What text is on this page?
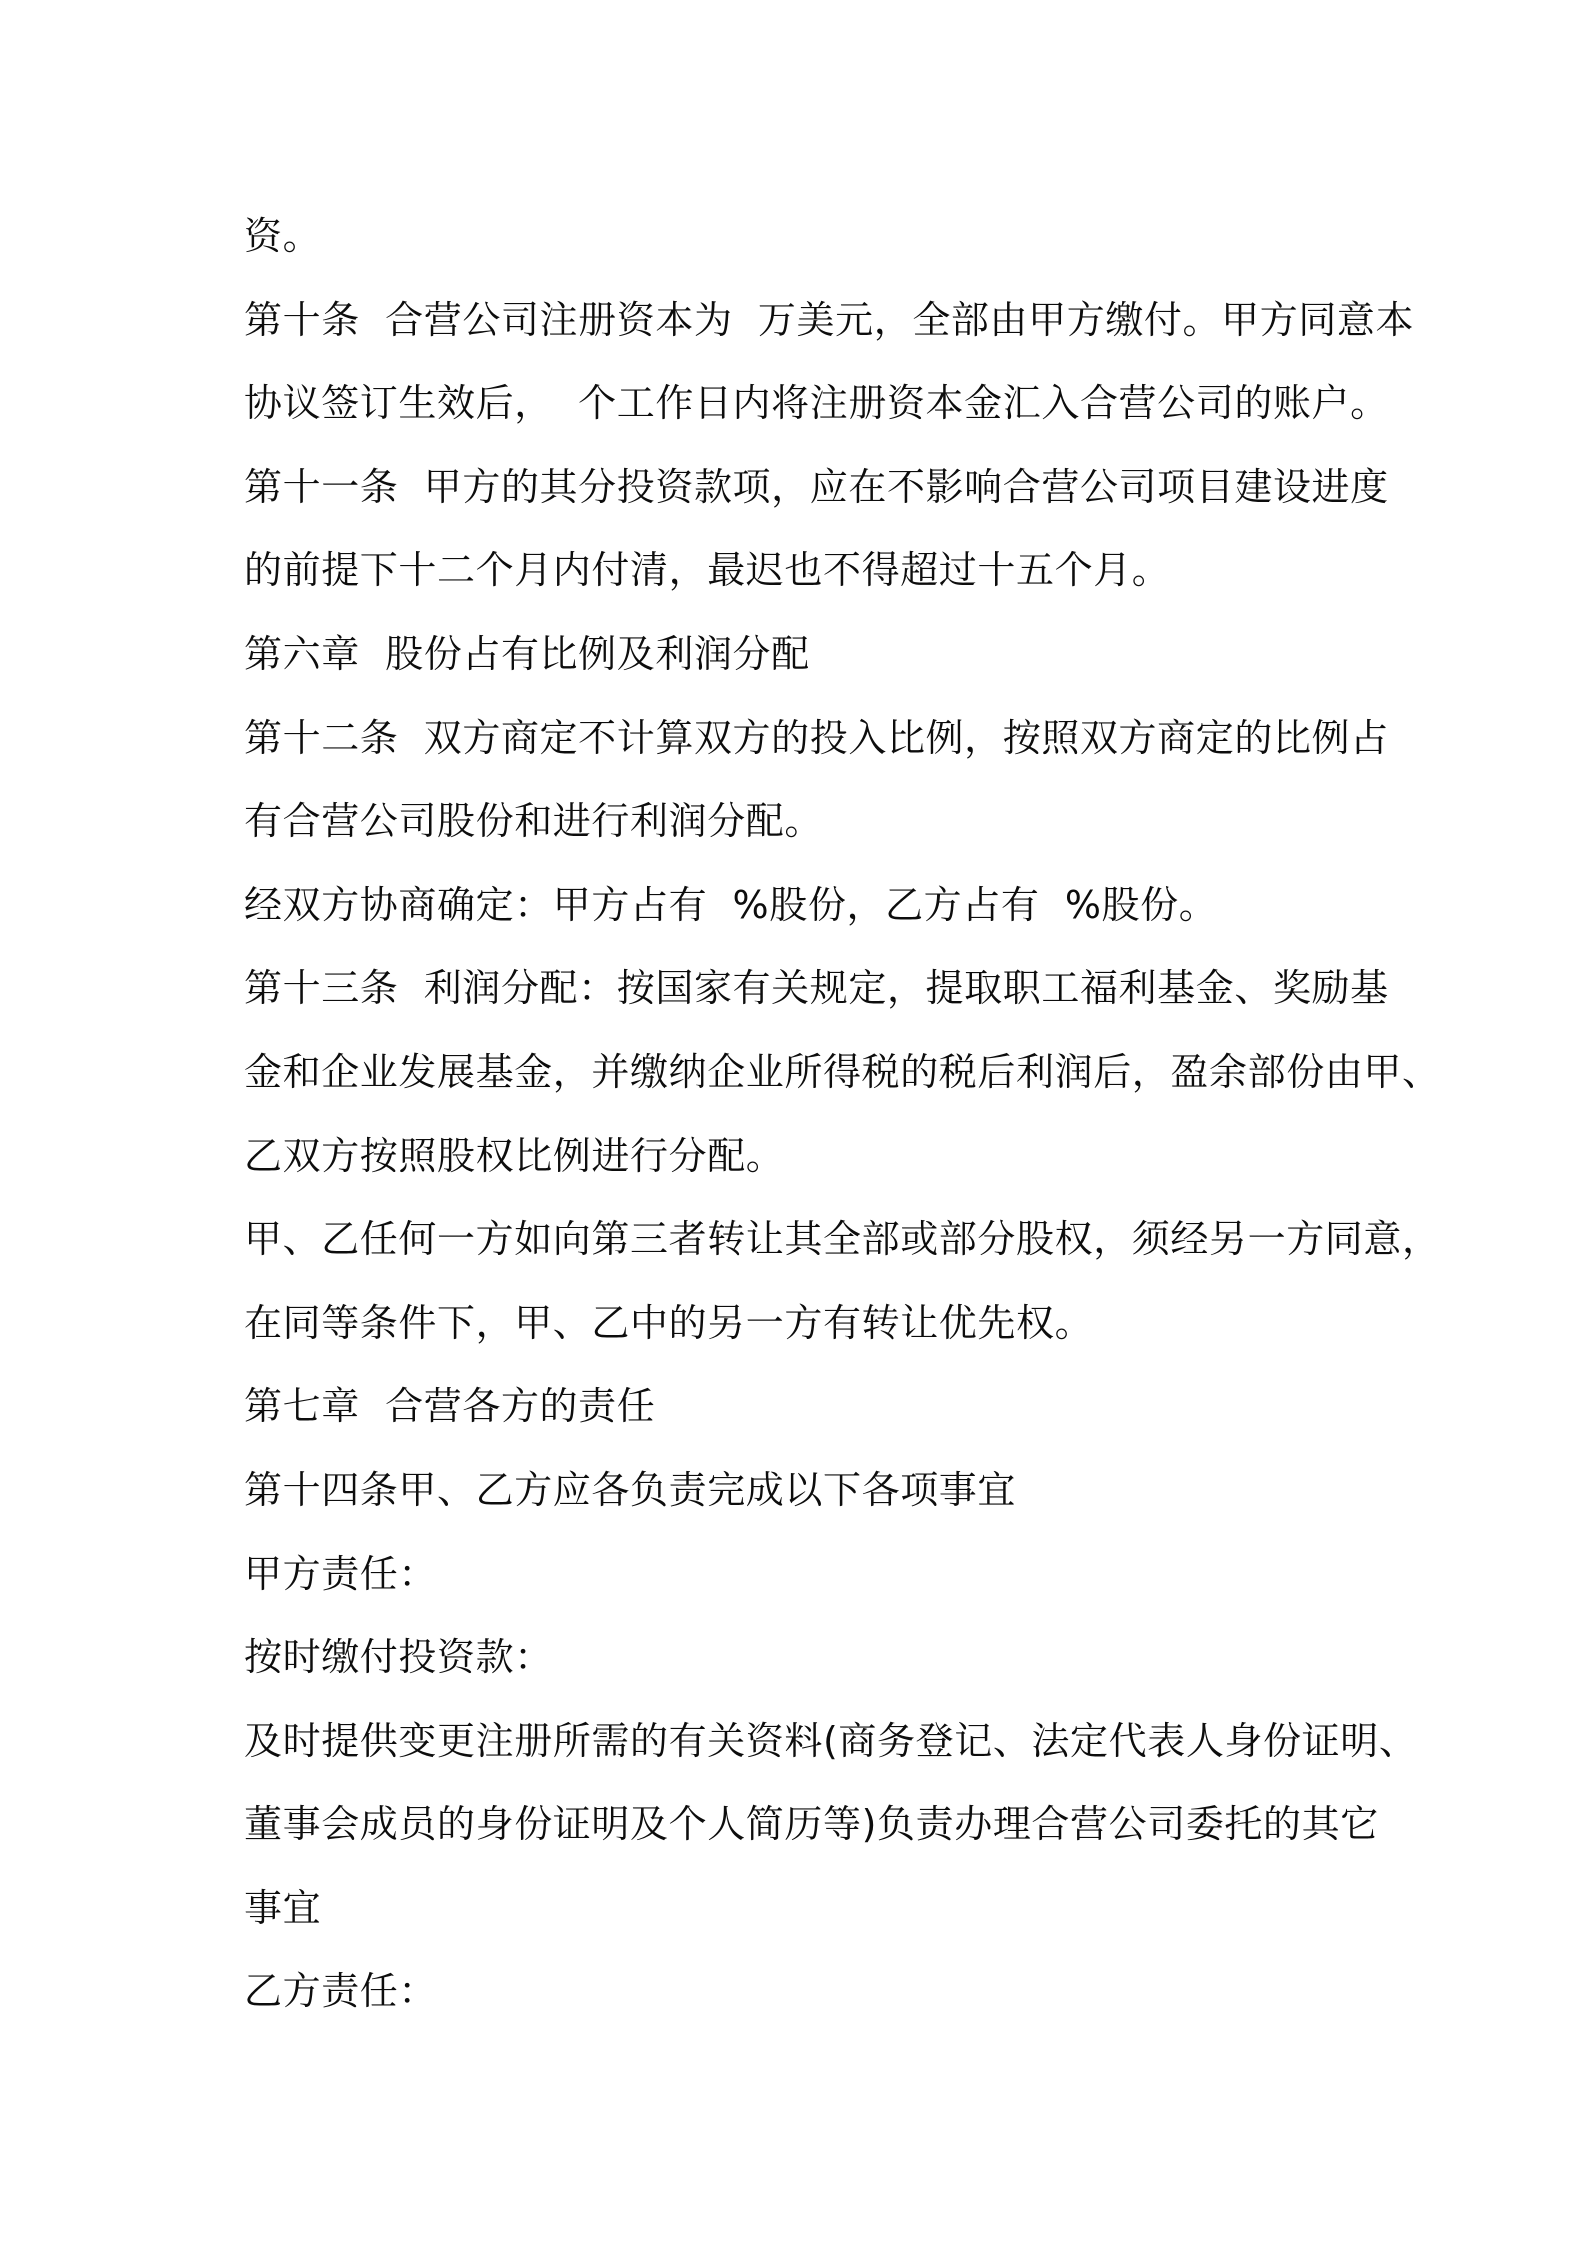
资。
第十条  合营公司注册资本为  万美元，全部由甲方缴付。甲方同意本
协议签订生效后，  个工作日内将注册资本金汇入合营公司的账户。
第十一条  甲方的其分投资款项，应在不影响合营公司项目建设进度
的前提下十二个月内付清，最迟也不得超过十五个月。
第六章  股份占有比例及利润分配
第十二条  双方商定不计算双方的投入比例，按照双方商定的比例占
有合营公司股份和进行利润分配。
经双方协商确定：甲方占有  %股份，乙方占有  %股份。
第十三条  利润分配：按国家有关规定，提取职工福利基金、奖励基
金和企业发展基金，并缴纳企业所得税的税后利润后，盈余部份由甲、
乙双方按照股权比例进行分配。
甲、乙任何一方如向第三者转让其全部或部分股权，须经另一方同意，
在同等条件下，甲、乙中的另一方有转让优先权。
第七章  合营各方的责任
第十四条甲、乙方应各负责完成以下各项事宜
甲方责任：
按时缴付投资款：
及时提供变更注册所需的有关资料(商务登记、法定代表人身份证明、
董事会成员的身份证明及个人简历等)负责办理合营公司委托的其它
事宜
乙方责任：
